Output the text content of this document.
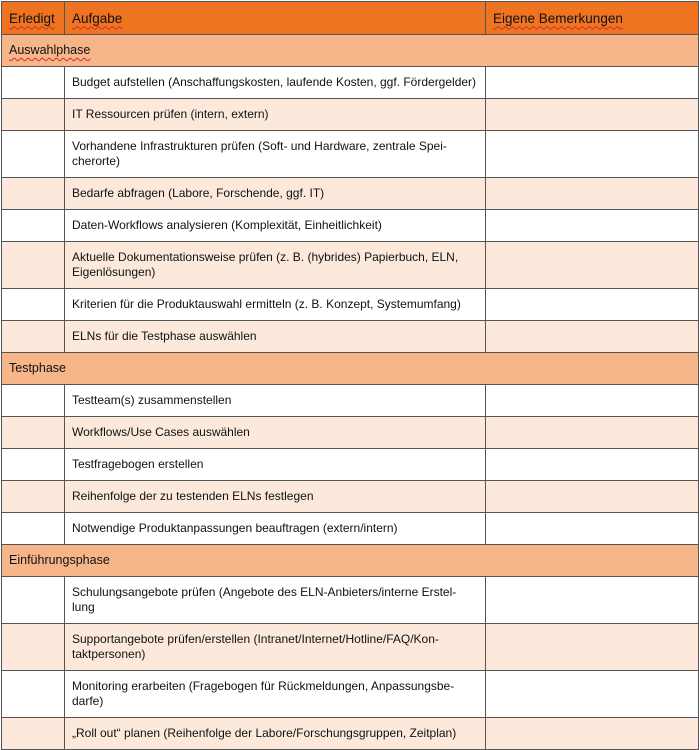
Erledigt	Aufgabe	Eigene Bemerkungen
Auswahlphase		
	Budget aufstellen (Anschaffungskosten, laufende Kosten, ggf. Fördergelder)	
	IT Ressourcen prüfen (intern, extern)	
	Vorhandene Infrastrukturen prüfen (Soft- und Hardware, zentrale Spei-
cherorte)	
	Bedarfe abfragen (Labore, Forschende, ggf. IT)	
	Daten-Workflows analysieren (Komplexität, Einheitlichkeit)	
	Aktuelle Dokumentationsweise prüfen (z. B. (hybrides) Papierbuch, ELN,
Eigenlösungen)	
	Kriterien für die Produktauswahl ermitteln (z. B. Konzept, Systemumfang)	
	ELNs für die Testphase auswählen	
Testphase		
	Testteam(s) zusammenstellen	
	Workflows/Use Cases auswählen	
	Testfragebogen erstellen	
	Reihenfolge der zu testenden ELNs festlegen	
	Notwendige Produktanpassungen beauftragen (extern/intern)	
Einführungsphase		
	Schulungsangebote prüfen (Angebote des ELN-Anbieters/interne Erstel-
lung	
	Supportangebote prüfen/erstellen (Intranet/Internet/Hotline/FAQ/Kon-
taktpersonen)	
	Monitoring erarbeiten (Fragebogen für Rückmeldungen, Anpassungsbe-
darfe)	
	„Roll out“ planen (Reihenfolge der Labore/Forschungsgruppen, Zeitplan)	
